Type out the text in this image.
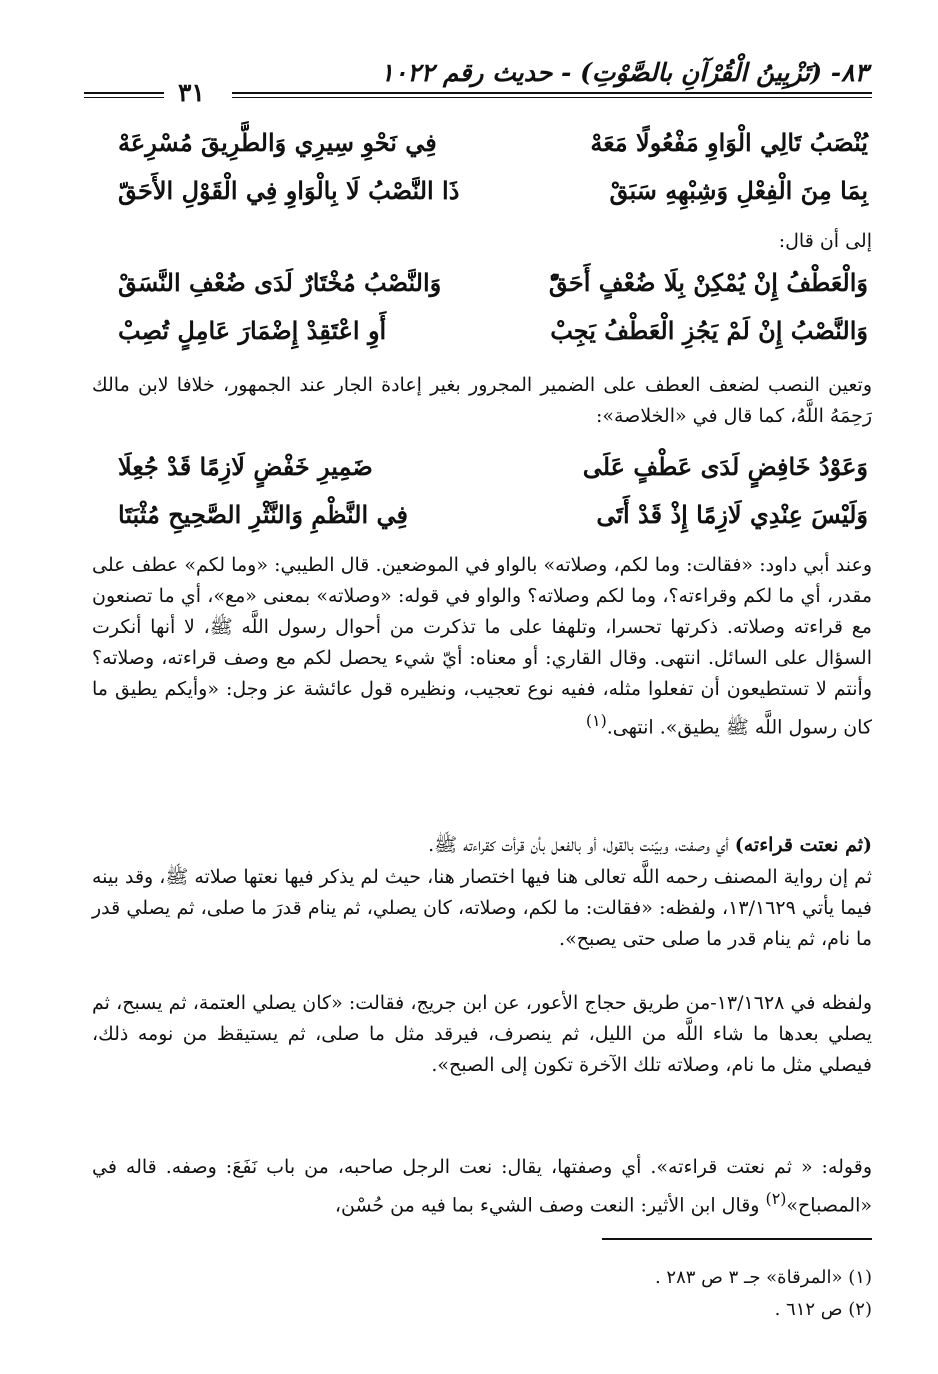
٨٣- (تَزْيِينُ الْقُرْآنِ بالصَّوْتِ) - حديث رقم ١٠٢٢
٣١
يُنْصَبُ تَالِي الْوَاوِ مَفْعُولًا مَعَهْ
فِي نَحْوِ سِيرِي وَالطَّرِيقَ مُسْرِعَهْ
بِمَا مِنَ الْفِعْلِ وَشِبْهِهِ سَبَقْ
ذَا النَّصْبُ لَا بِالْوَاوِ فِي الْقَوْلِ الأَحَقّ

إلى أن قال:

وَالْعَطْفُ إِنْ يُمْكِنْ بِلَا ضُعْفٍ أَحَقّْ
وَالنَّصْبُ مُخْتَارٌ لَدَى ضُعْفِ النَّسَقْ
وَالنَّصْبُ إِنْ لَمْ يَجُزِ الْعَطْفُ يَجِبْ
أَوِ اعْتَقِدْ إِضْمَارَ عَامِلٍ تُصِبْ

وتعين النصب لضعف العطف على الضمير المجرور بغير إعادة الجار عند الجمهور، خلافا لابن مالك رَحِمَهُ اللَّهُ، كما قال في «الخلاصة»:

وَعَوْدُ خَافِضٍ لَدَى عَطْفٍ عَلَى
ضَمِيرِ خَفْضٍ لَازِمًا قَدْ جُعِلَا
وَلَيْسَ عِنْدِي لَازِمًا إِذْ قَدْ أَتَى
فِي النَّظْمِ وَالنَّثْرِ الصَّحِيحِ مُثْبَتَا

وعند أبي داود: «فقالت: وما لكم، وصلاته» بالواو في الموضعين. قال الطيبي: «وما لكم» عطف على مقدر، أي ما لكم وقراءته؟، وما لكم وصلاته؟ والواو في قوله: «وصلاته» بمعنى «مع»، أي ما تصنعون مع قراءته وصلاته. ذكرتها تحسرا، وتلهفا على ما تذكرت من أحوال رسول اللَّه ﷺ، لا أنها أنكرت السؤال على السائل. انتهى. وقال القاري: أو معناه: أيّ شيء يحصل لكم مع وصف قراءته، وصلاته؟ وأنتم لا تستطيعون أن تفعلوا مثله، ففيه نوع تعجيب، ونظيره قول عائشة عز وجل: «وأيكم يطيق ما كان رسول اللَّه ﷺ يطيق». انتهى.$^{(١)}$

(ثم نعتت قراءته) أي وصفت، وبيّنت بالقول، أو بالفعل بأن قرأت كقراءته ﷺ.

ثم إن رواية المصنف رحمه اللَّه تعالى هنا فيها اختصار هنا، حيث لم يذكر فيها نعتها صلاته ﷺ، وقد بينه فيما يأتي ١٣/١٦٢٩، ولفظه: «فقالت: ما لكم، وصلاته، كان يصلي، ثم ينام قدرَ ما صلى، ثم يصلي قدر ما نام، ثم ينام قدر ما صلى حتى يصبح».

ولفظه في ١٣/١٦٢٨-من طريق حجاج الأعور، عن ابن جريج، فقالت: «كان يصلي العتمة، ثم يسبح، ثم يصلي بعدها ما شاء اللَّه من الليل، ثم ينصرف، فيرقد مثل ما صلى، ثم يستيقظ من نومه ذلك، فيصلي مثل ما نام، وصلاته تلك الآخرة تكون إلى الصبح».

وقوله: « ثم نعتت قراءته». أي وصفتها، يقال: نعت الرجل صاحبه، من باب نَفَعَ: وصفه. قاله في «المصباح»$^{(٢)}$ وقال ابن الأثير: النعت وصف الشيء بما فيه من حُسْن،

(١) «المرقاة» جـ ٣ ص ٢٨٣ .
(٢) ص ٦١٢ .
